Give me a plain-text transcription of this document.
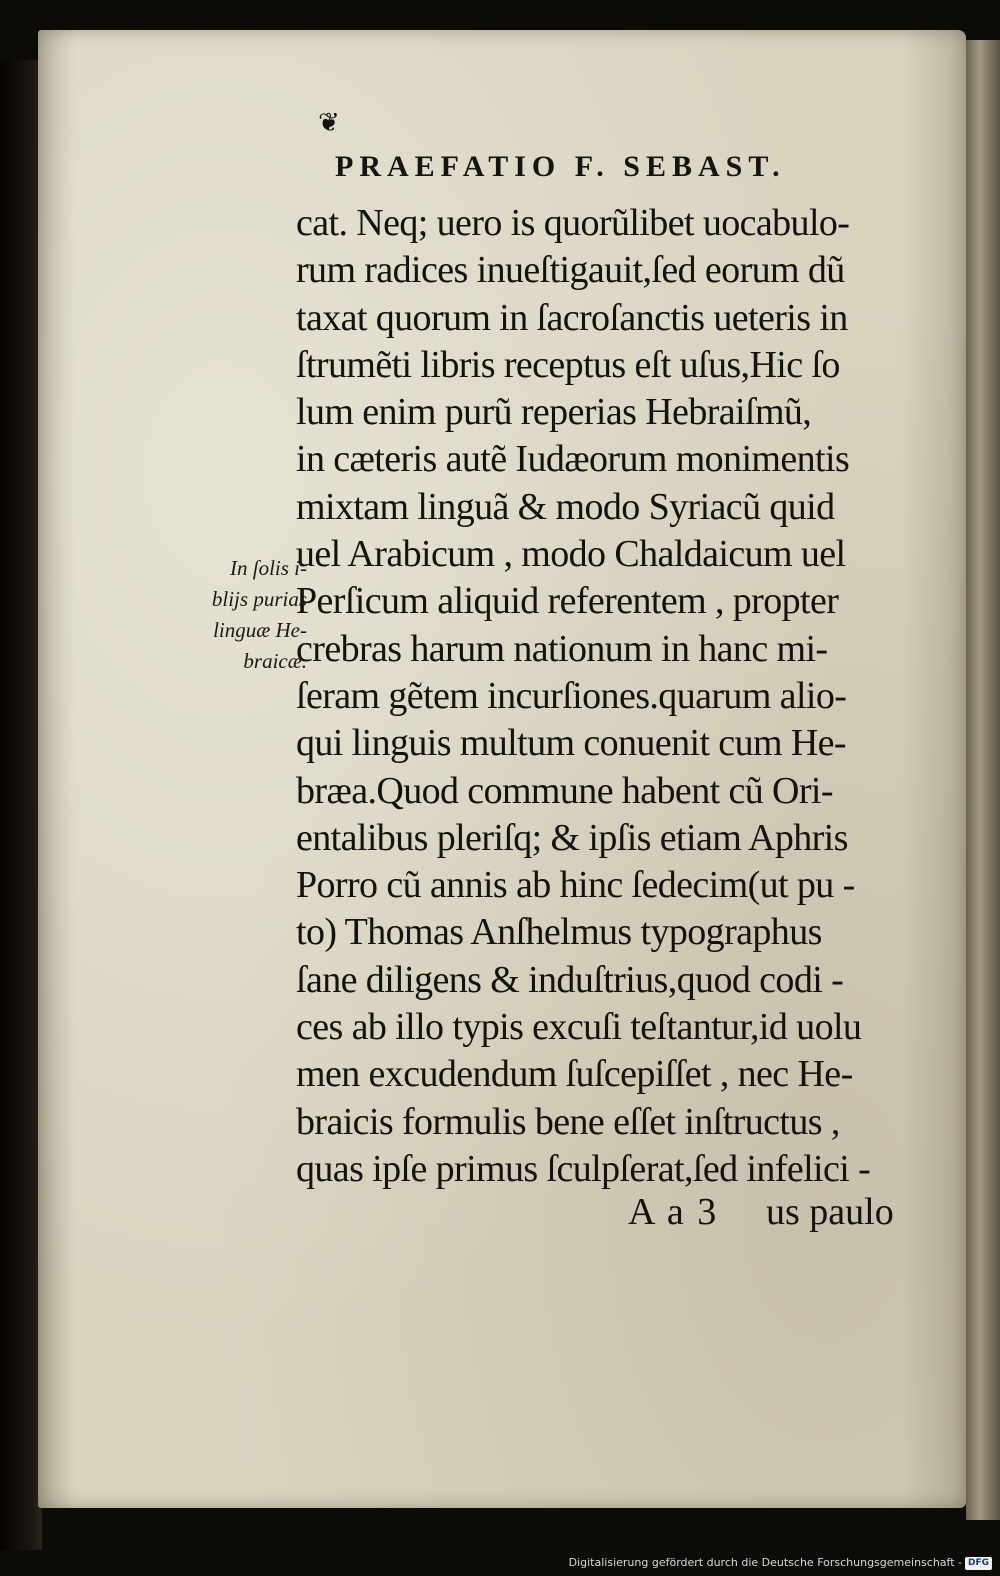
❦
PRAEFATIO F. SEBAST.
cat. Neq; uero is quorũlibet uocabulo-
rum radices inueſtigauit,ſed eorum dũ
taxat quorum in ſacroſanctis ueteris in
ſtrumẽti libris receptus eſt uſus,Hic ſo
lum enim purũ reperias Hebraiſmũ,
in cæteris autẽ Iudæorum monimentis
mixtam linguã & modo Syriacũ quid
uel Arabicum , modo Chaldaicum uel
Perſicum aliquid referentem , propter
crebras harum nationum in hanc mi-
ſeram gẽtem incurſiones.quarum alio-
qui linguis multum conuenit cum He-
bræa.Quod commune habent cũ Ori-
entalibus pleriſq; & ipſis etiam Aphris
Porro cũ annis ab hinc ſedecim(ut pu -
to) Thomas Anſhelmus typographus
ſane diligens & induſtrius,quod codi -
ces ab illo typis excuſi teſtantur,id uolu
men excudendum ſuſcepiſſet , nec He-
braicis formulis bene eſſet inſtructus ,
quas ipſe primus ſculpſerat,ſed infelici -
In ſolis i-
blijs purias
linguæ He-
braicæ.
A a 3 us paulo
Digitalisierung gefördert durch die Deutsche Forschungsgemeinschaft - DFG
